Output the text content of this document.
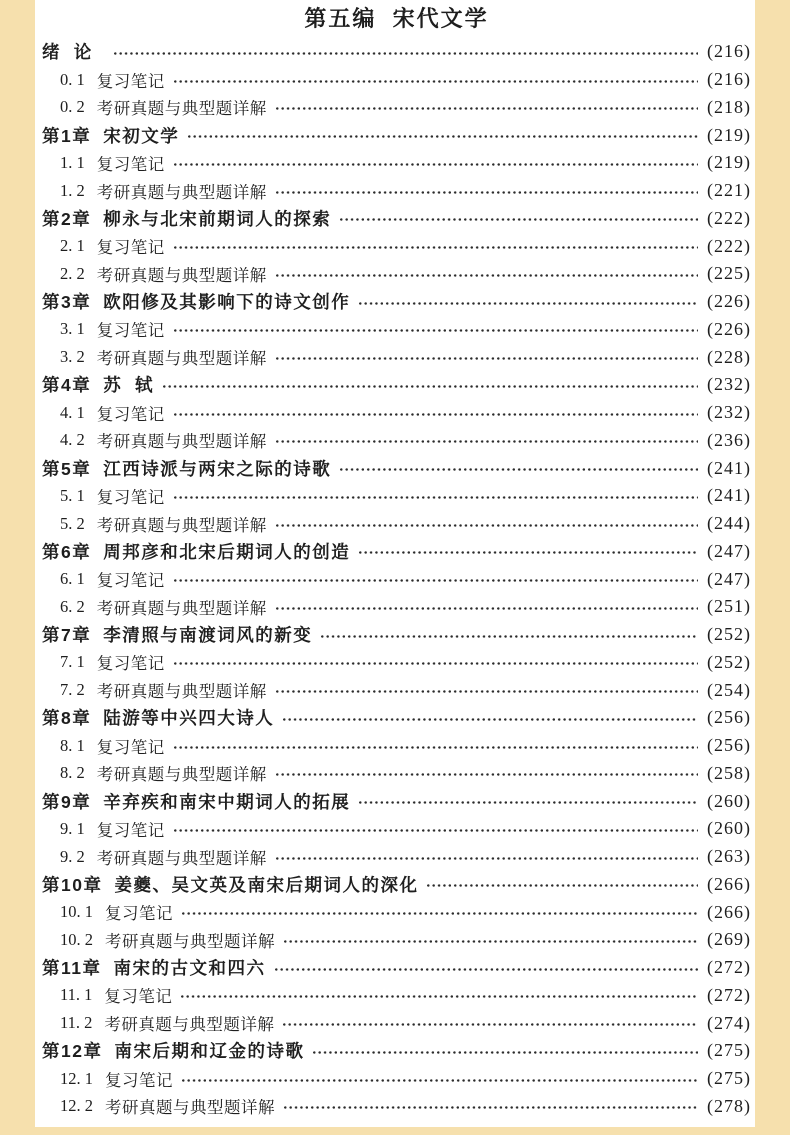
第五编  宋代文学
绪  论	(216)
0. 1 复习笔记	(216)
0. 2 考研真题与典型题详解	(218)
第1章 宋初文学	(219)
1. 1 复习笔记	(219)
1. 2 考研真题与典型题详解	(221)
第2章 柳永与北宋前期词人的探索	(222)
2. 1 复习笔记	(222)
2. 2 考研真题与典型题详解	(225)
第3章 欧阳修及其影响下的诗文创作	(226)
3. 1 复习笔记	(226)
3. 2 考研真题与典型题详解	(228)
第4章 苏  轼	(232)
4. 1 复习笔记	(232)
4. 2 考研真题与典型题详解	(236)
第5章 江西诗派与两宋之际的诗歌	(241)
5. 1 复习笔记	(241)
5. 2 考研真题与典型题详解	(244)
第6章 周邦彦和北宋后期词人的创造	(247)
6. 1 复习笔记	(247)
6. 2 考研真题与典型题详解	(251)
第7章 李清照与南渡词风的新变	(252)
7. 1 复习笔记	(252)
7. 2 考研真题与典型题详解	(254)
第8章 陆游等中兴四大诗人	(256)
8. 1 复习笔记	(256)
8. 2 考研真题与典型题详解	(258)
第9章 辛弃疾和南宋中期词人的拓展	(260)
9. 1 复习笔记	(260)
9. 2 考研真题与典型题详解	(263)
第10章 姜夔、吴文英及南宋后期词人的深化	(266)
10. 1 复习笔记	(266)
10. 2 考研真题与典型题详解	(269)
第11章 南宋的古文和四六	(272)
11. 1 复习笔记	(272)
11. 2 考研真题与典型题详解	(274)
第12章 南宋后期和辽金的诗歌	(275)
12. 1 复习笔记	(275)
12. 2 考研真题与典型题详解	(278)
